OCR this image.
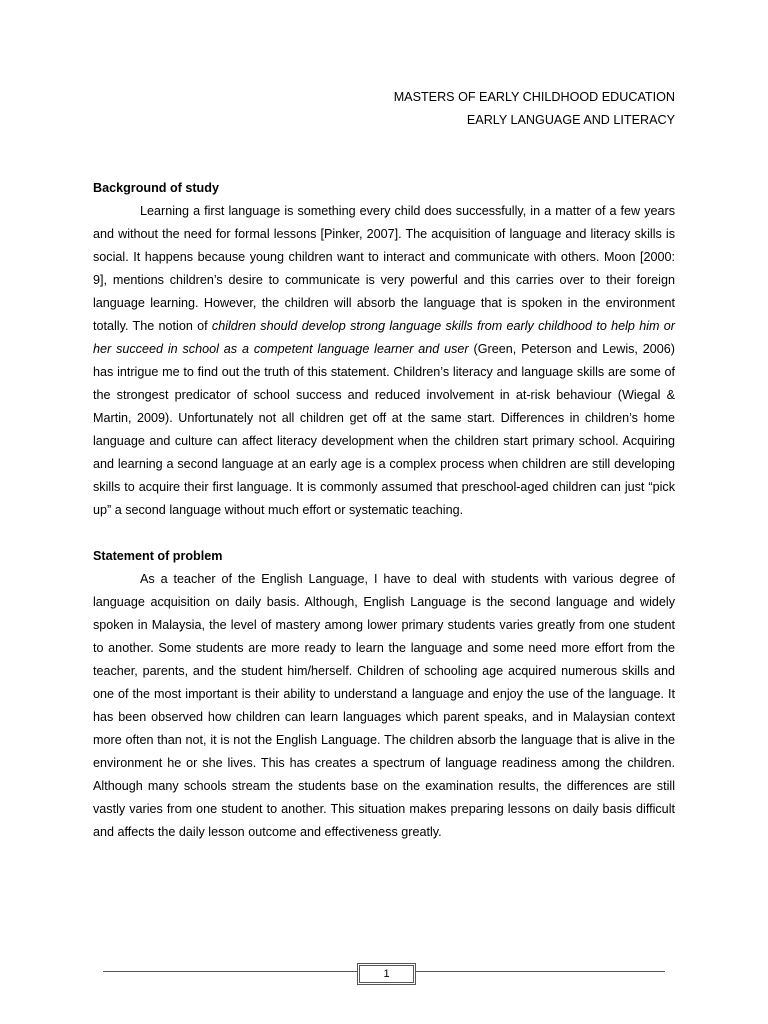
MASTERS OF EARLY CHILDHOOD EDUCATION
EARLY LANGUAGE AND LITERACY
Background of study

Learning a first language is something every child does successfully, in a matter of a few years and without the need for formal lessons [Pinker, 2007]. The acquisition of language and literacy skills is social. It happens because young children want to interact and communicate with others. Moon [2000: 9], mentions children’s desire to communicate is very powerful and this carries over to their foreign language learning. However, the children will absorb the language that is spoken in the environment totally. The notion of children should develop strong language skills from early childhood to help him or her succeed in school as a competent language learner and user (Green, Peterson and Lewis, 2006) has intrigue me to find out the truth of this statement. Children’s literacy and language skills are some of the strongest predicator of school success and reduced involvement in at-risk behaviour (Wiegal & Martin, 2009). Unfortunately not all children get off at the same start. Differences in children’s home language and culture can affect literacy development when the children start primary school. Acquiring and learning a second language at an early age is a complex process when children are still developing skills to acquire their first language. It is commonly assumed that preschool-aged children can just “pick up” a second language without much effort or systematic teaching.

Statement of problem

As a teacher of the English Language, I have to deal with students with various degree of language acquisition on daily basis. Although, English Language is the second language and widely spoken in Malaysia, the level of mastery among lower primary students varies greatly from one student to another. Some students are more ready to learn the language and some need more effort from the teacher, parents, and the student him/herself. Children of schooling age acquired numerous skills and one of the most important is their ability to understand a language and enjoy the use of the language. It has been observed how children can learn languages which parent speaks, and in Malaysian context more often than not, it is not the English Language. The children absorb the language that is alive in the environment he or she lives. This has creates a spectrum of language readiness among the children. Although many schools stream the students base on the examination results, the differences are still vastly varies from one student to another. This situation makes preparing lessons on daily basis difficult and affects the daily lesson outcome and effectiveness greatly.

1
